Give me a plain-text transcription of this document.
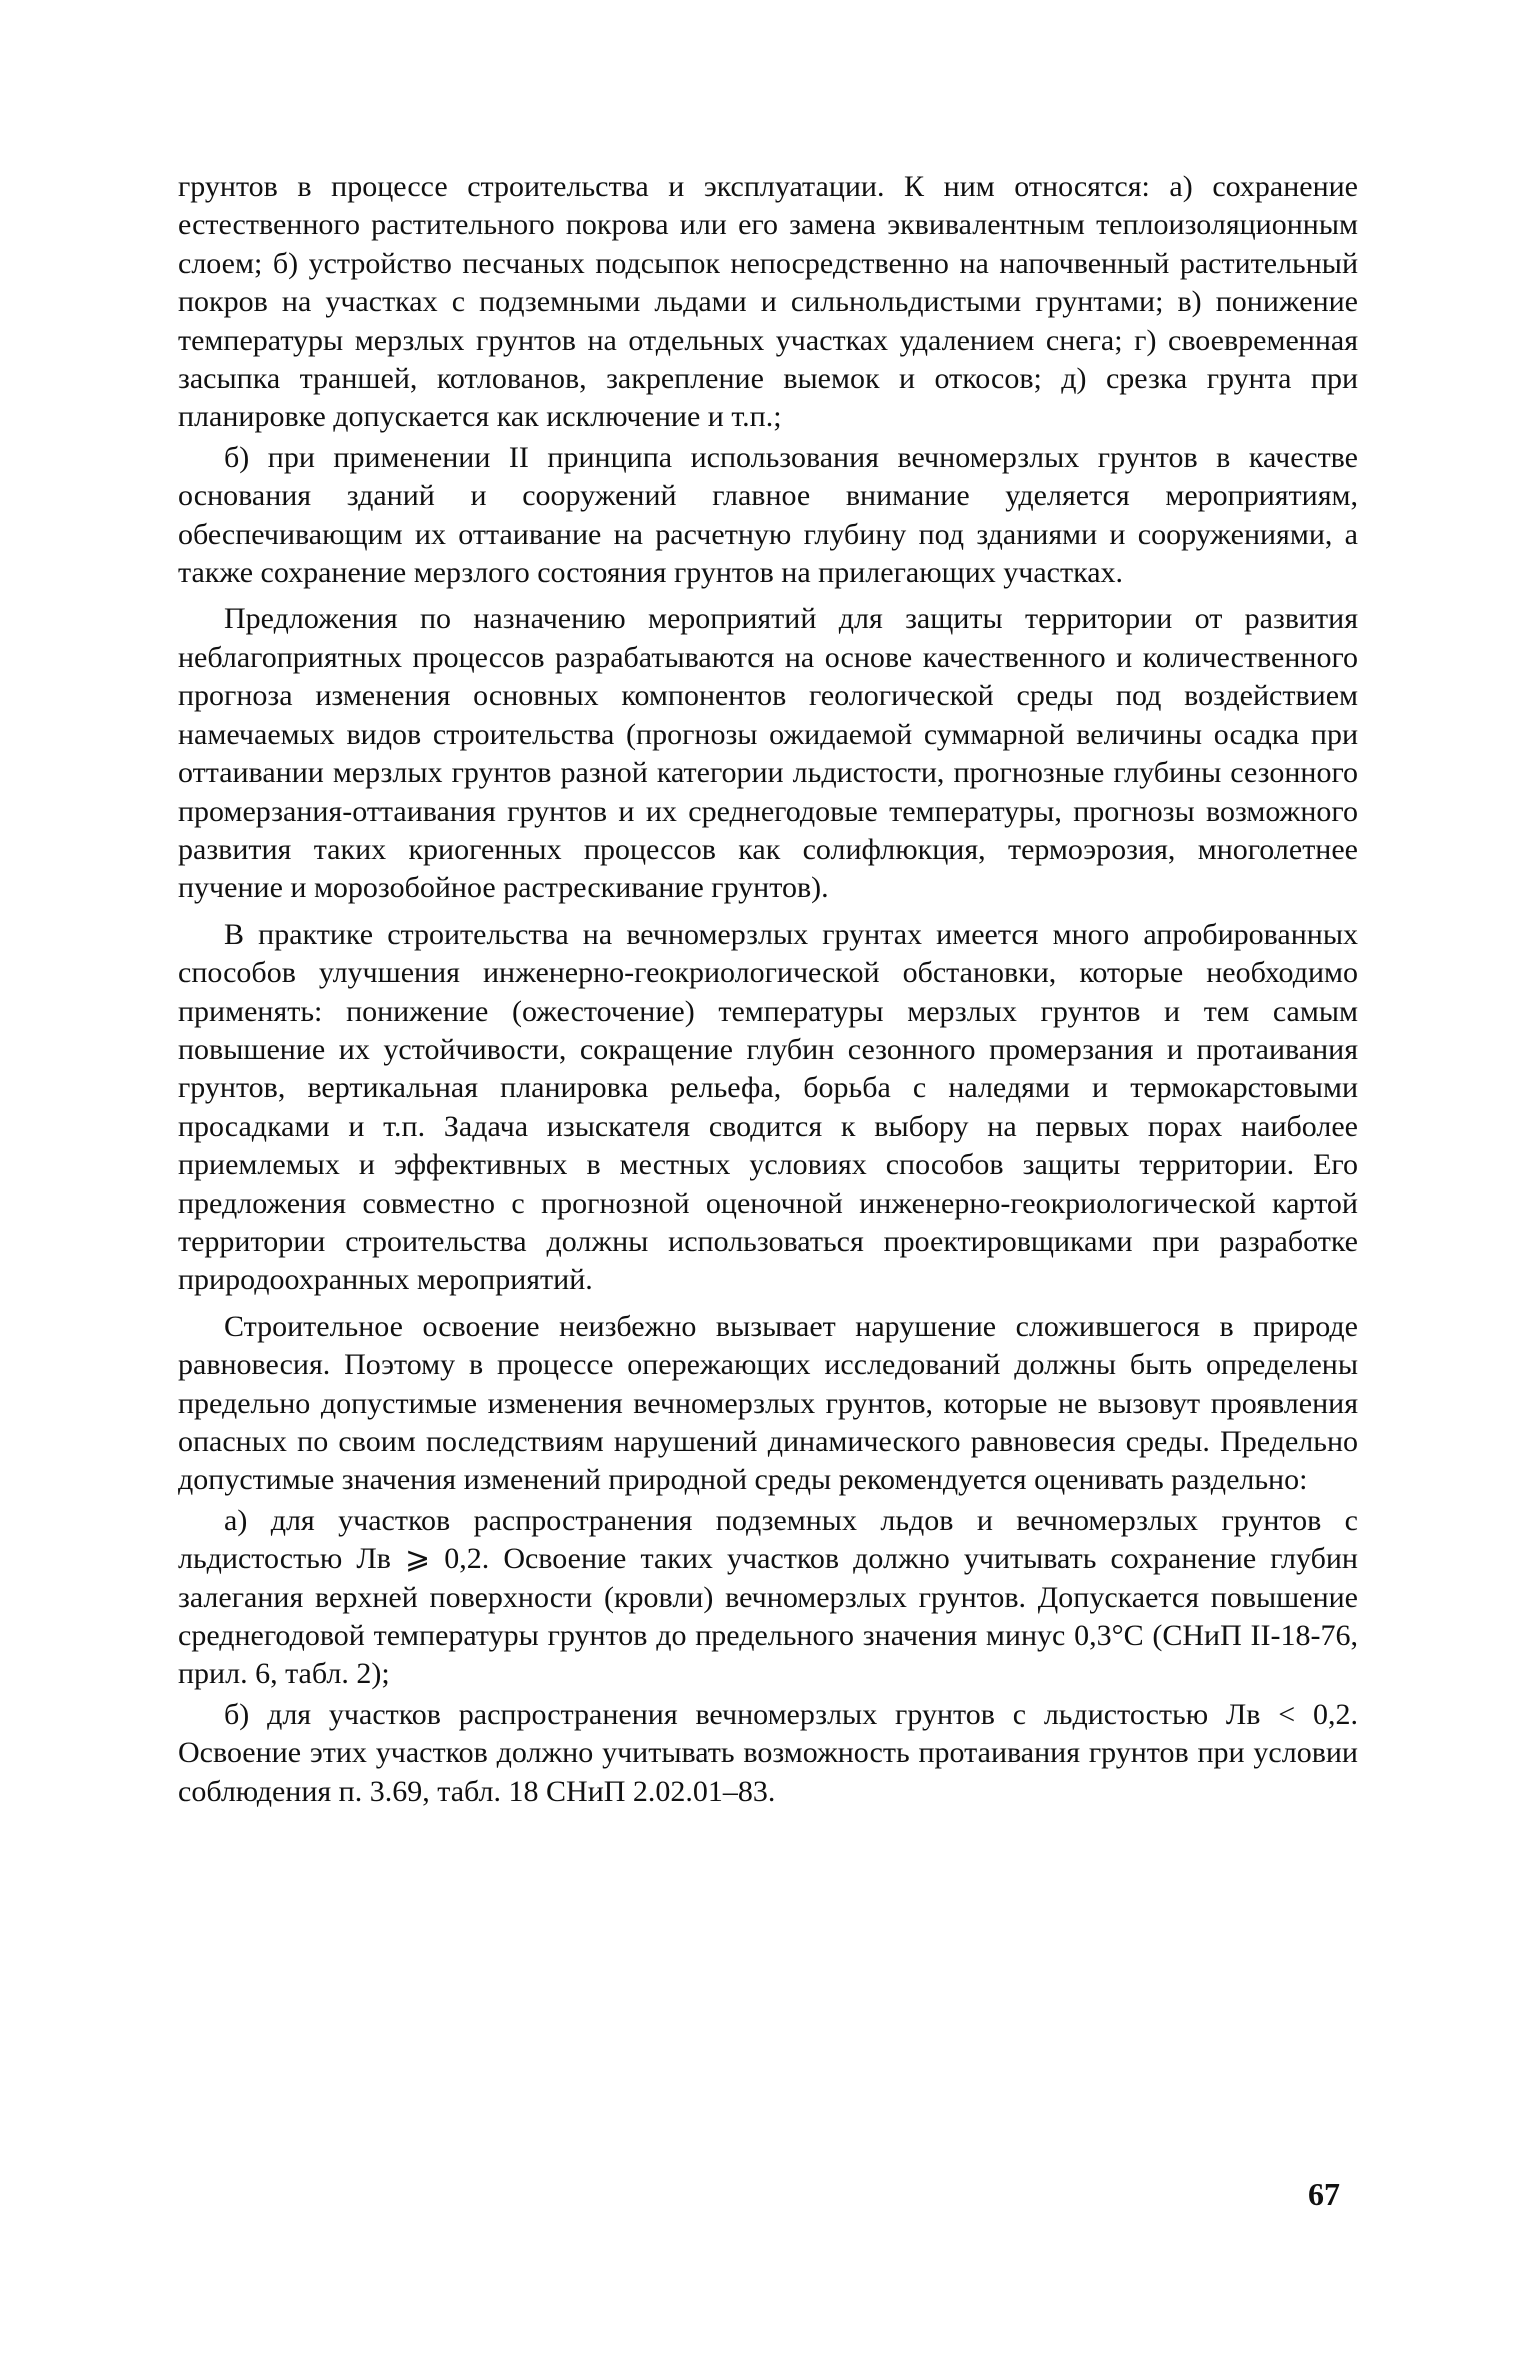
грунтов в процессе строительства и эксплуатации. К ним относятся: а) сохранение естественного растительного покрова или его замена эквивалентным теплоизоляционным слоем; б) устройство песчаных подсыпок непосредственно на напочвенный растительный покров на участках с подземными льдами и сильнольдистыми грунтами; в) понижение температуры мерзлых грунтов на отдельных участках удалением снега; г) своевременная засыпка траншей, котлованов, закрепление выемок и откосов; д) срезка грунта при планировке допускается как исключение и т.п.;

б) при применении II принципа использования вечномерзлых грунтов в качестве основания зданий и сооружений главное внимание уделяется мероприятиям, обеспечивающим их оттаивание на расчетную глубину под зданиями и сооружениями, а также сохранение мерзлого состояния грунтов на прилегающих участках.

Предложения по назначению мероприятий для защиты территории от развития неблагоприятных процессов разрабатываются на основе качественного и количественного прогноза изменения основных компонентов геологической среды под воздействием намечаемых видов строительства (прогнозы ожидаемой суммарной величины осадка при оттаивании мерзлых грунтов разной категории льдистости, прогнозные глубины сезонного промерзания-оттаивания грунтов и их среднегодовые температуры, прогнозы возможного развития таких криогенных процессов как солифлюкция, термоэрозия, многолетнее пучение и морозобойное растрескивание грунтов).

В практике строительства на вечномерзлых грунтах имеется много апробированных способов улучшения инженерно-геокриологической обстановки, которые необходимо применять: понижение (ожесточение) температуры мерзлых грунтов и тем самым повышение их устойчивости, сокращение глубин сезонного промерзания и протаивания грунтов, вертикальная планировка рельефа, борьба с наледями и термокарстовыми просадками и т.п. Задача изыскателя сводится к выбору на первых порах наиболее приемлемых и эффективных в местных условиях способов защиты территории. Его предложения совместно с прогнозной оценочной инженерно-геокриологической картой территории строительства должны использоваться проектировщиками при разработке природоохранных мероприятий.

Строительное освоение неизбежно вызывает нарушение сложившегося в природе равновесия. Поэтому в процессе опережающих исследований должны быть определены предельно допустимые изменения вечномерзлых грунтов, которые не вызовут проявления опасных по своим последствиям нарушений динамического равновесия среды. Предельно допустимые значения изменений природной среды рекомендуется оценивать раздельно:

а) для участков распространения подземных льдов и вечномерзлых грунтов с льдистостью Лв ⩾ 0,2. Освоение таких участков должно учитывать сохранение глубин залегания верхней поверхности (кровли) вечномерзлых грунтов. Допускается повышение среднегодовой температуры грунтов до предельного значения минус 0,3°С (СНиП II-18-76, прил. 6, табл. 2);

б) для участков распространения вечномерзлых грунтов с льдистостью Лв < 0,2. Освоение этих участков должно учитывать возможность протаивания грунтов при условии соблюдения п. 3.69, табл. 18 СНиП 2.02.01–83.

67
